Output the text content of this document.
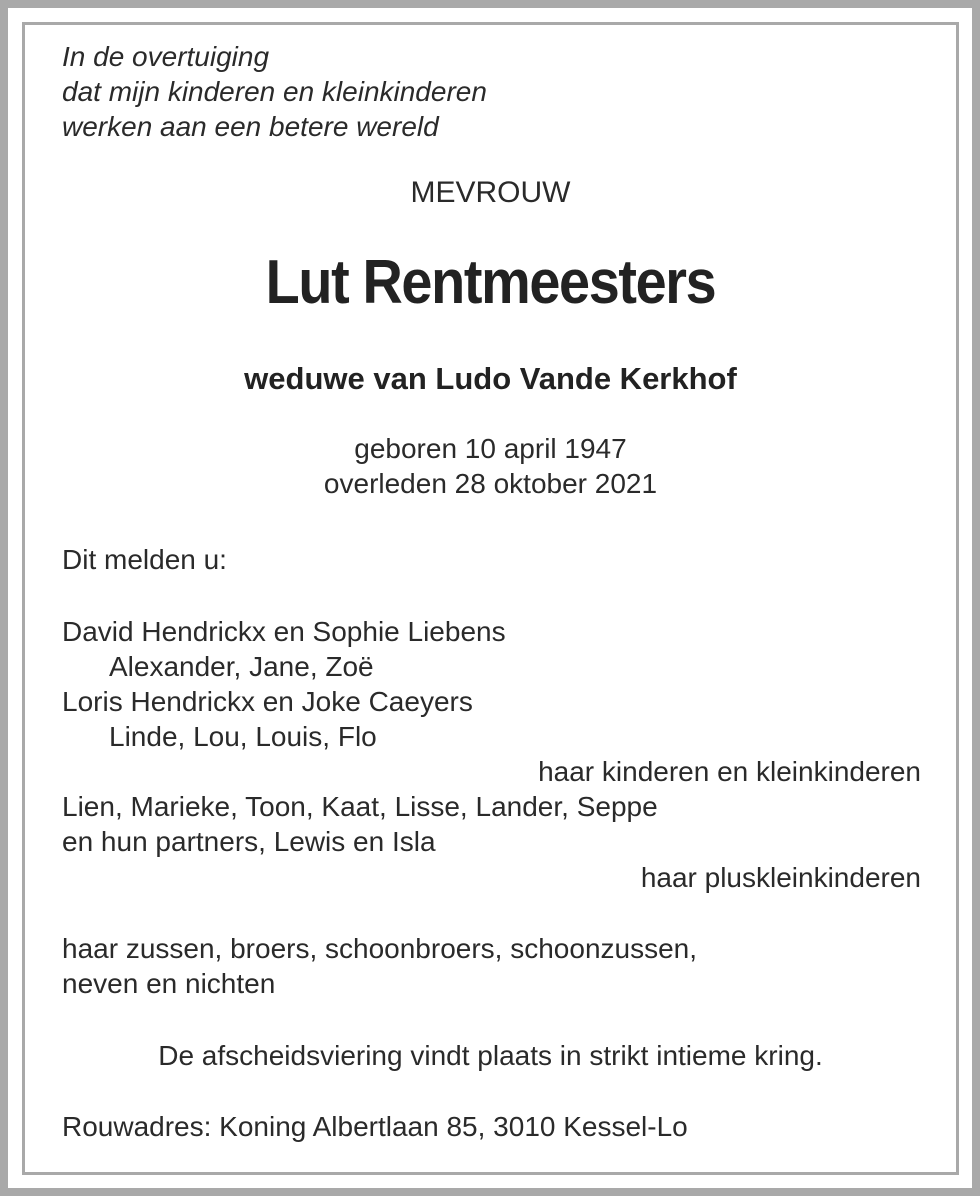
In de overtuiging

dat mijn kinderen en kleinkinderen

werken aan een betere wereld

MEVROUW

Lut Rentmeesters

weduwe van Ludo Vande Kerkhof

geboren 10 april 1947

overleden 28 oktober 2021

Dit melden u:

David Hendrickx en Sophie Liebens

Alexander, Jane, Zoë

Loris Hendrickx en Joke Caeyers

Linde, Lou, Louis, Flo

haar kinderen en kleinkinderen

Lien, Marieke, Toon, Kaat, Lisse, Lander, Seppe

en hun partners, Lewis en Isla

haar pluskleinkinderen

haar zussen, broers, schoonbroers, schoonzussen,

neven en nichten

De afscheidsviering vindt plaats in strikt intieme kring.

Rouwadres: Koning Albertlaan 85, 3010 Kessel-Lo
